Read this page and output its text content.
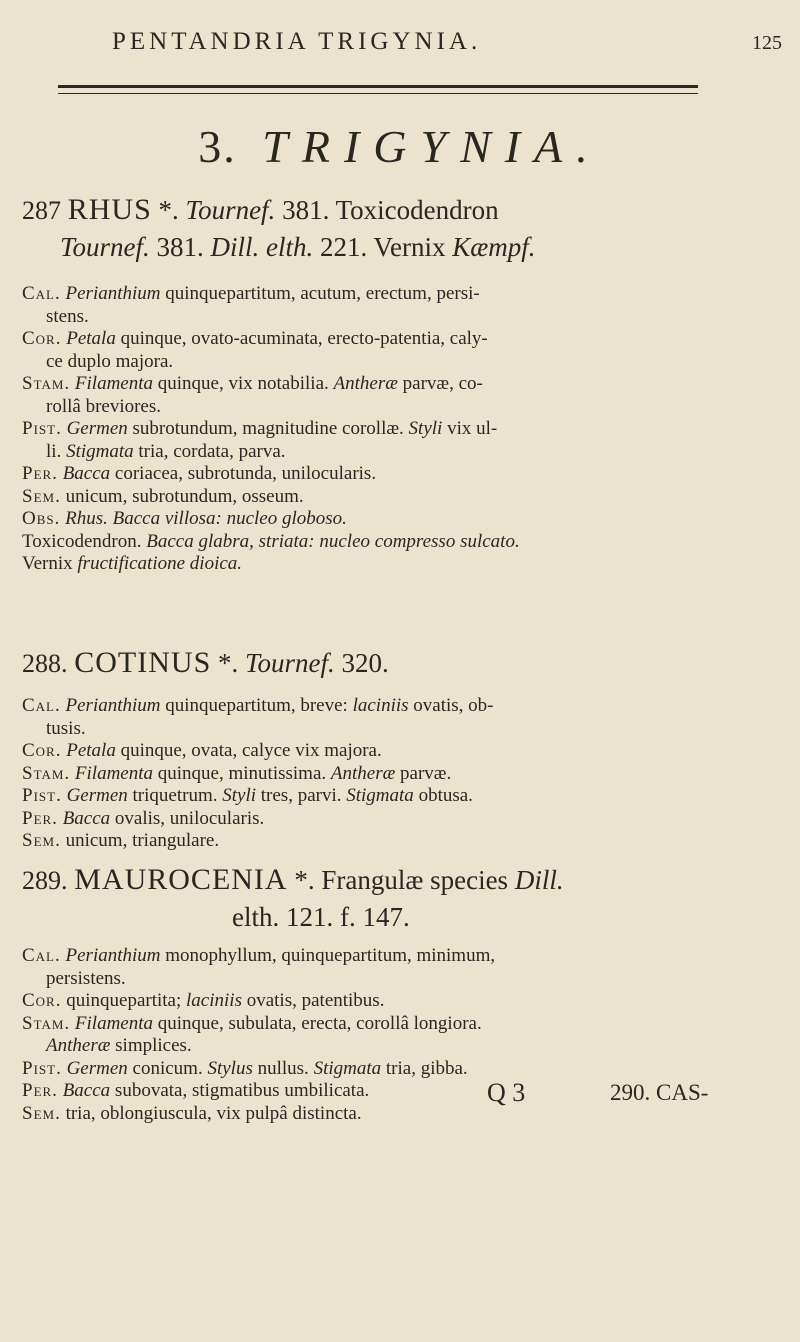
PENTANDRIA TRIGYNIA.	125
3. TRIGYNIA.
287 RHUS *. Tournef. 381. Toxicodendron
Tournef. 381. Dill. elth. 221. Vernix Kæmpf.
Cal. Perianthium quinquepartitum, acutum, erectum, persi-
stens.
Cor. Petala quinque, ovato-acuminata, erecto-patentia, caly-
ce duplo majora.
Stam. Filamenta quinque, vix notabilia. Antheræ parvæ, co-
rollâ breviores.
Pist. Germen subrotundum, magnitudine corollæ. Styli vix ul-
li. Stigmata tria, cordata, parva.
Per. Bacca coriacea, subrotunda, unilocularis.
Sem. unicum, subrotundum, osseum.
Obs. Rhus. Bacca villosa: nucleo globoso.
Toxicodendron. Bacca glabra, striata: nucleo compresso sulcato.
Vernix fructificatione dioica.
288. COTINUS *. Tournef. 320.
Cal. Perianthium quinquepartitum, breve: laciniis ovatis, ob-
tusis.
Cor. Petala quinque, ovata, calyce vix majora.
Stam. Filamenta quinque, minutissima. Antheræ parvæ.
Pist. Germen triquetrum. Styli tres, parvi. Stigmata obtusa.
Per. Bacca ovalis, unilocularis.
Sem. unicum, triangulare.
289. MAUROCENIA *. Frangulæ species Dill.
elth. 121. f. 147.
Cal. Perianthium monophyllum, quinquepartitum, minimum,
persistens.
Cor. quinquepartita; laciniis ovatis, patentibus.
Stam. Filamenta quinque, subulata, erecta, corollâ longiora.
Antheræ simplices.
Pist. Germen conicum. Stylus nullus. Stigmata tria, gibba.
Per. Bacca subovata, stigmatibus umbilicata.
Sem. tria, oblongiuscula, vix pulpâ distincta.
Q 3	290. CAS-
